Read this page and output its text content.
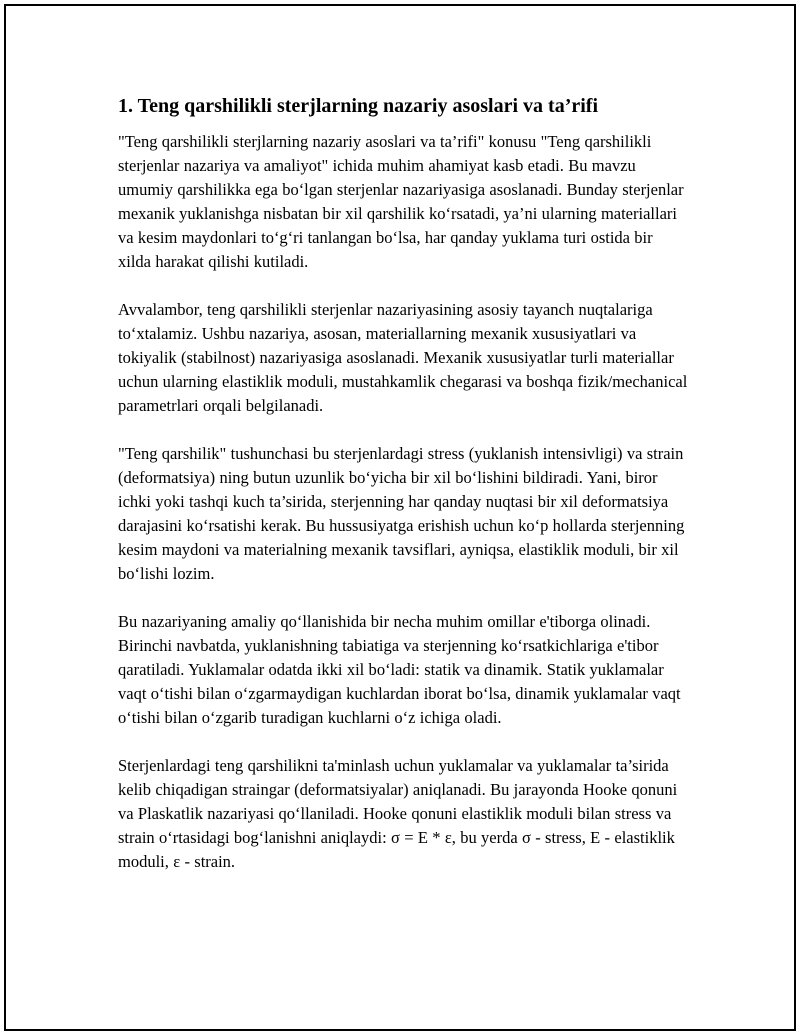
1. Teng qarshilikli sterjlarning nazariy asoslari va ta’rifi

"Teng qarshilikli sterjlarning nazariy asoslari va ta’rifi" konusu "Teng qarshilikli sterjenlar nazariya va amaliyot" ichida muhim ahamiyat kasb etadi. Bu mavzu umumiy qarshilikka ega bo‘lgan sterjenlar nazariyasiga asoslanadi. Bunday sterjenlar mexanik yuklanishga nisbatan bir xil qarshilik ko‘rsatadi, ya’ni ularning materiallari va kesim maydonlari to‘g‘ri tanlangan bo‘lsa, har qanday yuklama turi ostida bir xilda harakat qilishi kutiladi.

Avvalambor, teng qarshilikli sterjenlar nazariyasining asosiy tayanch nuqtalariga to‘xtalamiz. Ushbu nazariya, asosan, materiallarning mexanik xususiyatlari va tokiyalik (stabilnost) nazariyasiga asoslanadi. Mexanik xususiyatlar turli materiallar uchun ularning elastiklik moduli, mustahkamlik chegarasi va boshqa fizik/mechanical parametrlari orqali belgilanadi.

"Teng qarshilik" tushunchasi bu sterjenlardagi stress (yuklanish intensivligi) va strain (deformatsiya) ning butun uzunlik bo‘yicha bir xil bo‘lishini bildiradi. Yani, biror ichki yoki tashqi kuch ta’sirida, sterjenning har qanday nuqtasi bir xil deformatsiya darajasini ko‘rsatishi kerak. Bu hussusiyatga erishish uchun ko‘p hollarda sterjenning kesim maydoni va materialning mexanik tavsiflari, ayniqsa, elastiklik moduli, bir xil bo‘lishi lozim.

Bu nazariyaning amaliy qo‘llanishida bir necha muhim omillar e'tiborga olinadi. Birinchi navbatda, yuklanishning tabiatiga va sterjenning ko‘rsatkichlariga e'tibor qaratiladi. Yuklamalar odatda ikki xil bo‘ladi: statik va dinamik. Statik yuklamalar vaqt o‘tishi bilan o‘zgarmaydigan kuchlardan iborat bo‘lsa, dinamik yuklamalar vaqt o‘tishi bilan o‘zgarib turadigan kuchlarni o‘z ichiga oladi.

Sterjenlardagi teng qarshilikni ta'minlash uchun yuklamalar va yuklamalar ta’sirida kelib chiqadigan straingar (deformatsiyalar) aniqlanadi. Bu jarayonda Hooke qonuni va Plaskatlik nazariyasi qo‘llaniladi. Hooke qonuni elastiklik moduli bilan stress va strain o‘rtasidagi bog‘lanishni aniqlaydi: σ = E * ε, bu yerda σ - stress, E - elastiklik moduli, ε - strain.
